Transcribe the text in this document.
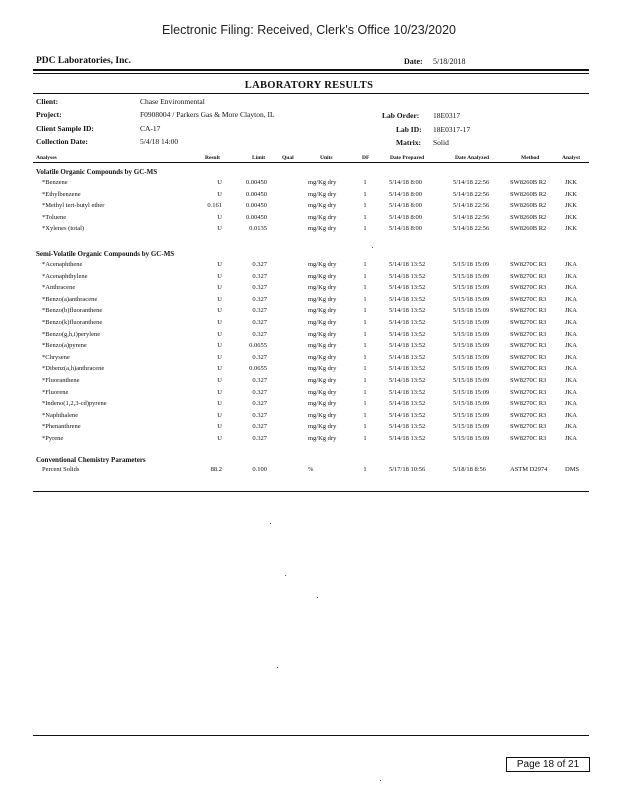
Electronic Filing: Received, Clerk's Office 10/23/2020
PDC Laboratories, Inc.	Date: 5/18/2018
LABORATORY RESULTS
Client:	Chase Environmental
Project:	F0908004 / Parkers Gas & More Clayton, IL
Client Sample ID:	CA-17
Collection Date:	5/4/18 14:00
Lab Order: 18E0317
Lab ID: 18E0317-17
Matrix: Solid
Analyses	Result	Limit	Qual	Units	DF	Date Prepared	Date Analyzed	Method	Analyst
Volatile Organic Compounds by GC-MS
*Benzene	U	0.00450	mg/Kg dry	1	5/14/18 8:00	5/14/18 22:56	SW8260B R2	JKK
*Ethylbenzene	U	0.00450	mg/Kg dry	1	5/14/18 8:00	5/14/18 22:56	SW8260B R2	JKK
*Methyl tert-butyl ether	0.161	0.00450	mg/Kg dry	1	5/14/18 8:00	5/14/18 22:56	SW8260B R2	JKK
*Toluene	U	0.00450	mg/Kg dry	1	5/14/18 8:00	5/14/18 22:56	SW8260B R2	JKK
*Xylenes (total)	U	0.0135	mg/Kg dry	1	5/14/18 8:00	5/14/18 22:56	SW8260B R2	JKK
Semi-Volatile Organic Compounds by GC-MS
*Acenaphthene	U	0.327	mg/Kg dry	1	5/14/18 13:52	5/15/18 15:09	SW8270C R3	JKA
*Acenaphthylene	U	0.327	mg/Kg dry	1	5/14/18 13:52	5/15/18 15:09	SW8270C R3	JKA
*Anthracene	U	0.327	mg/Kg dry	1	5/14/18 13:52	5/15/18 15:09	SW8270C R3	JKA
*Benzo(a)anthracene	U	0.327	mg/Kg dry	1	5/14/18 13:52	5/15/18 15:09	SW8270C R3	JKA
*Benzo(b)fluoranthene	U	0.327	mg/Kg dry	1	5/14/18 13:52	5/15/18 15:09	SW8270C R3	JKA
*Benzo(k)fluoranthene	U	0.327	mg/Kg dry	1	5/14/18 13:52	5/15/18 15:09	SW8270C R3	JKA
*Benzo(g,h,i)perylene	U	0.327	mg/Kg dry	1	5/14/18 13:52	5/15/18 15:09	SW8270C R3	JKA
*Benzo(a)pyrene	U	0.0655	mg/Kg dry	1	5/14/18 13:52	5/15/18 15:09	SW8270C R3	JKA
*Chrysene	U	0.327	mg/Kg dry	1	5/14/18 13:52	5/15/18 15:09	SW8270C R3	JKA
*Dibenz(a,h)anthracene	U	0.0655	mg/Kg dry	1	5/14/18 13:52	5/15/18 15:09	SW8270C R3	JKA
*Fluoranthene	U	0.327	mg/Kg dry	1	5/14/18 13:52	5/15/18 15:09	SW8270C R3	JKA
*Fluorene	U	0.327	mg/Kg dry	1	5/14/18 13:52	5/15/18 15:09	SW8270C R3	JKA
*Indeno(1,2,3-cd)pyrene	U	0.327	mg/Kg dry	1	5/14/18 13:52	5/15/18 15:09	SW8270C R3	JKA
*Naphthalene	U	0.327	mg/Kg dry	1	5/14/18 13:52	5/15/18 15:09	SW8270C R3	JKA
*Phenanthrene	U	0.327	mg/Kg dry	1	5/14/18 13:52	5/15/18 15:09	SW8270C R3	JKA
*Pyrene	U	0.327	mg/Kg dry	1	5/14/18 13:52	5/15/18 15:09	SW8270C R3	JKA
Conventional Chemistry Parameters
Percent Solids	88.2	0.100	%	1	5/17/18 10:56	5/18/18 8:56	ASTM D2974	DMS
Page 18 of 21
